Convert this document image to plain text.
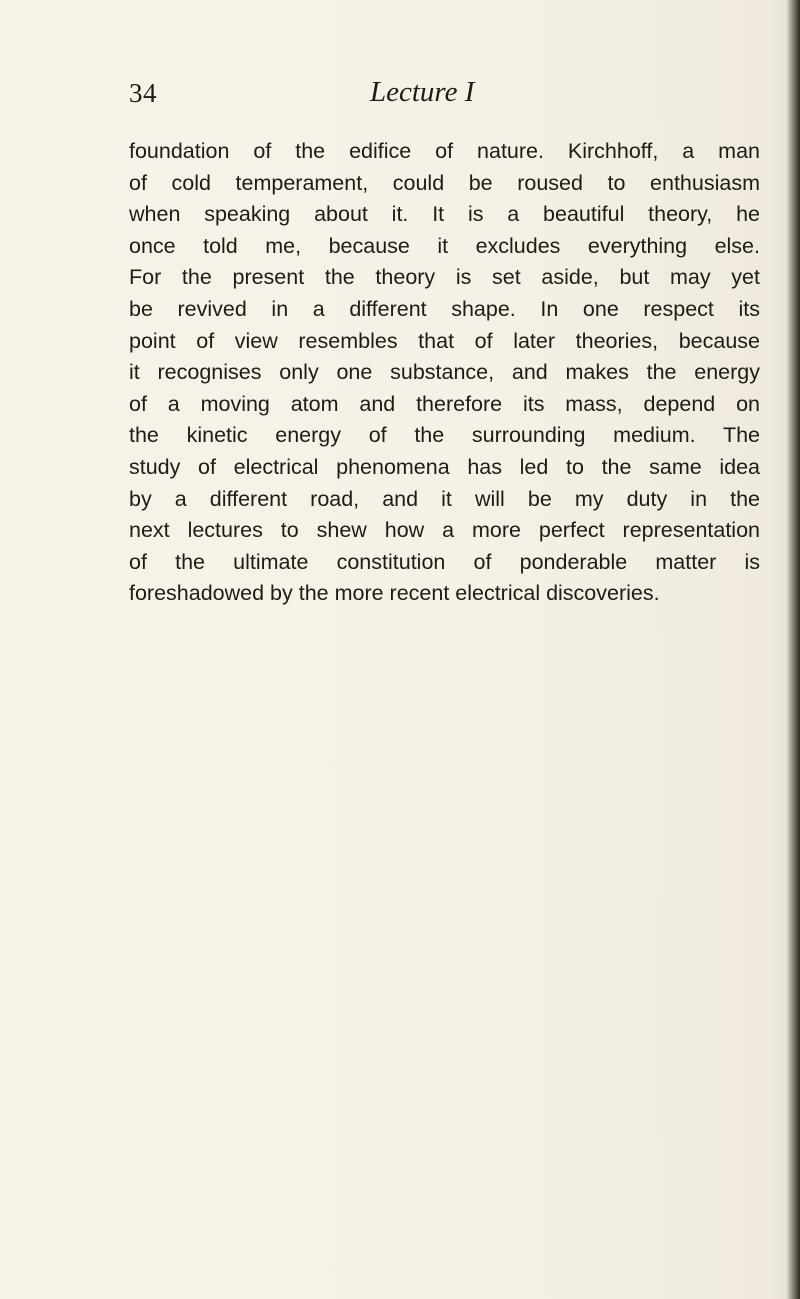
34	Lecture I
foundation of the edifice of nature. Kirchhoff, a man
of cold temperament, could be roused to enthusiasm
when speaking about it. It is a beautiful theory, he
once told me, because it excludes everything else.
For the present the theory is set aside, but may yet
be revived in a different shape. In one respect its
point of view resembles that of later theories, because
it recognises only one substance, and makes the energy
of a moving atom and therefore its mass, depend on
the kinetic energy of the surrounding medium. The
study of electrical phenomena has led to the same idea
by a different road, and it will be my duty in the
next lectures to shew how a more perfect representation
of the ultimate constitution of ponderable matter is
foreshadowed by the more recent electrical discoveries.
